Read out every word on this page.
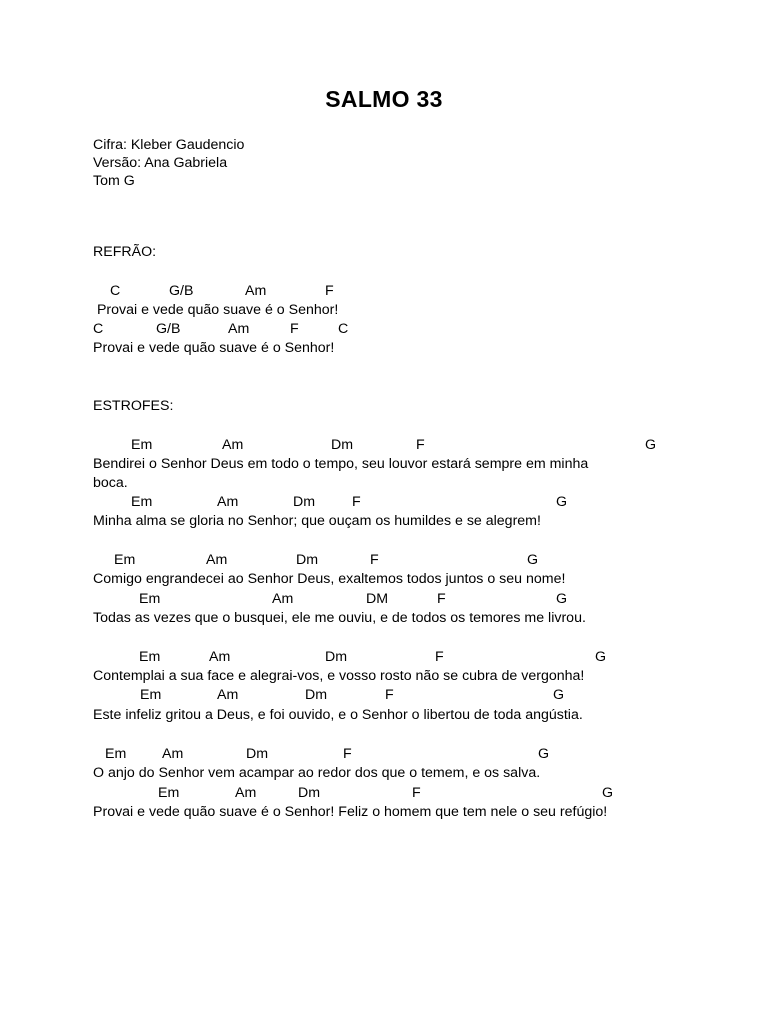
SALMO 33
Cifra: Kleber Gaudencio
Versão: Ana Gabriela
Tom G
REFRÃO:
C	G/B	Am	F
Provai e vede quão suave é o Senhor!
C	G/B	Am	F	C
Provai e vede quão suave é o Senhor!
ESTROFES:
Em	Am	Dm	F	G
Bendirei o Senhor Deus em todo o tempo, seu louvor estará sempre em minha
boca.
Em	Am	Dm	F	G
Minha alma se gloria no Senhor; que ouçam os humildes e se alegrem!
Em	Am	Dm	F	G
Comigo engrandecei ao Senhor Deus, exaltemos todos juntos o seu nome!
Em	Am	DM	F	G
Todas as vezes que o busquei, ele me ouviu, e de todos os temores me livrou.
Em	Am	Dm	F	G
Contemplai a sua face e alegrai-vos, e vosso rosto não se cubra de vergonha!
Em	Am	Dm	F	G
Este infeliz gritou a Deus, e foi ouvido, e o Senhor o libertou de toda angústia.
Em	Am	Dm	F	G
O anjo do Senhor vem acampar ao redor dos que o temem, e os salva.
Em	Am	Dm	F	G
Provai e vede quão suave é o Senhor! Feliz o homem que tem nele o seu refúgio!
